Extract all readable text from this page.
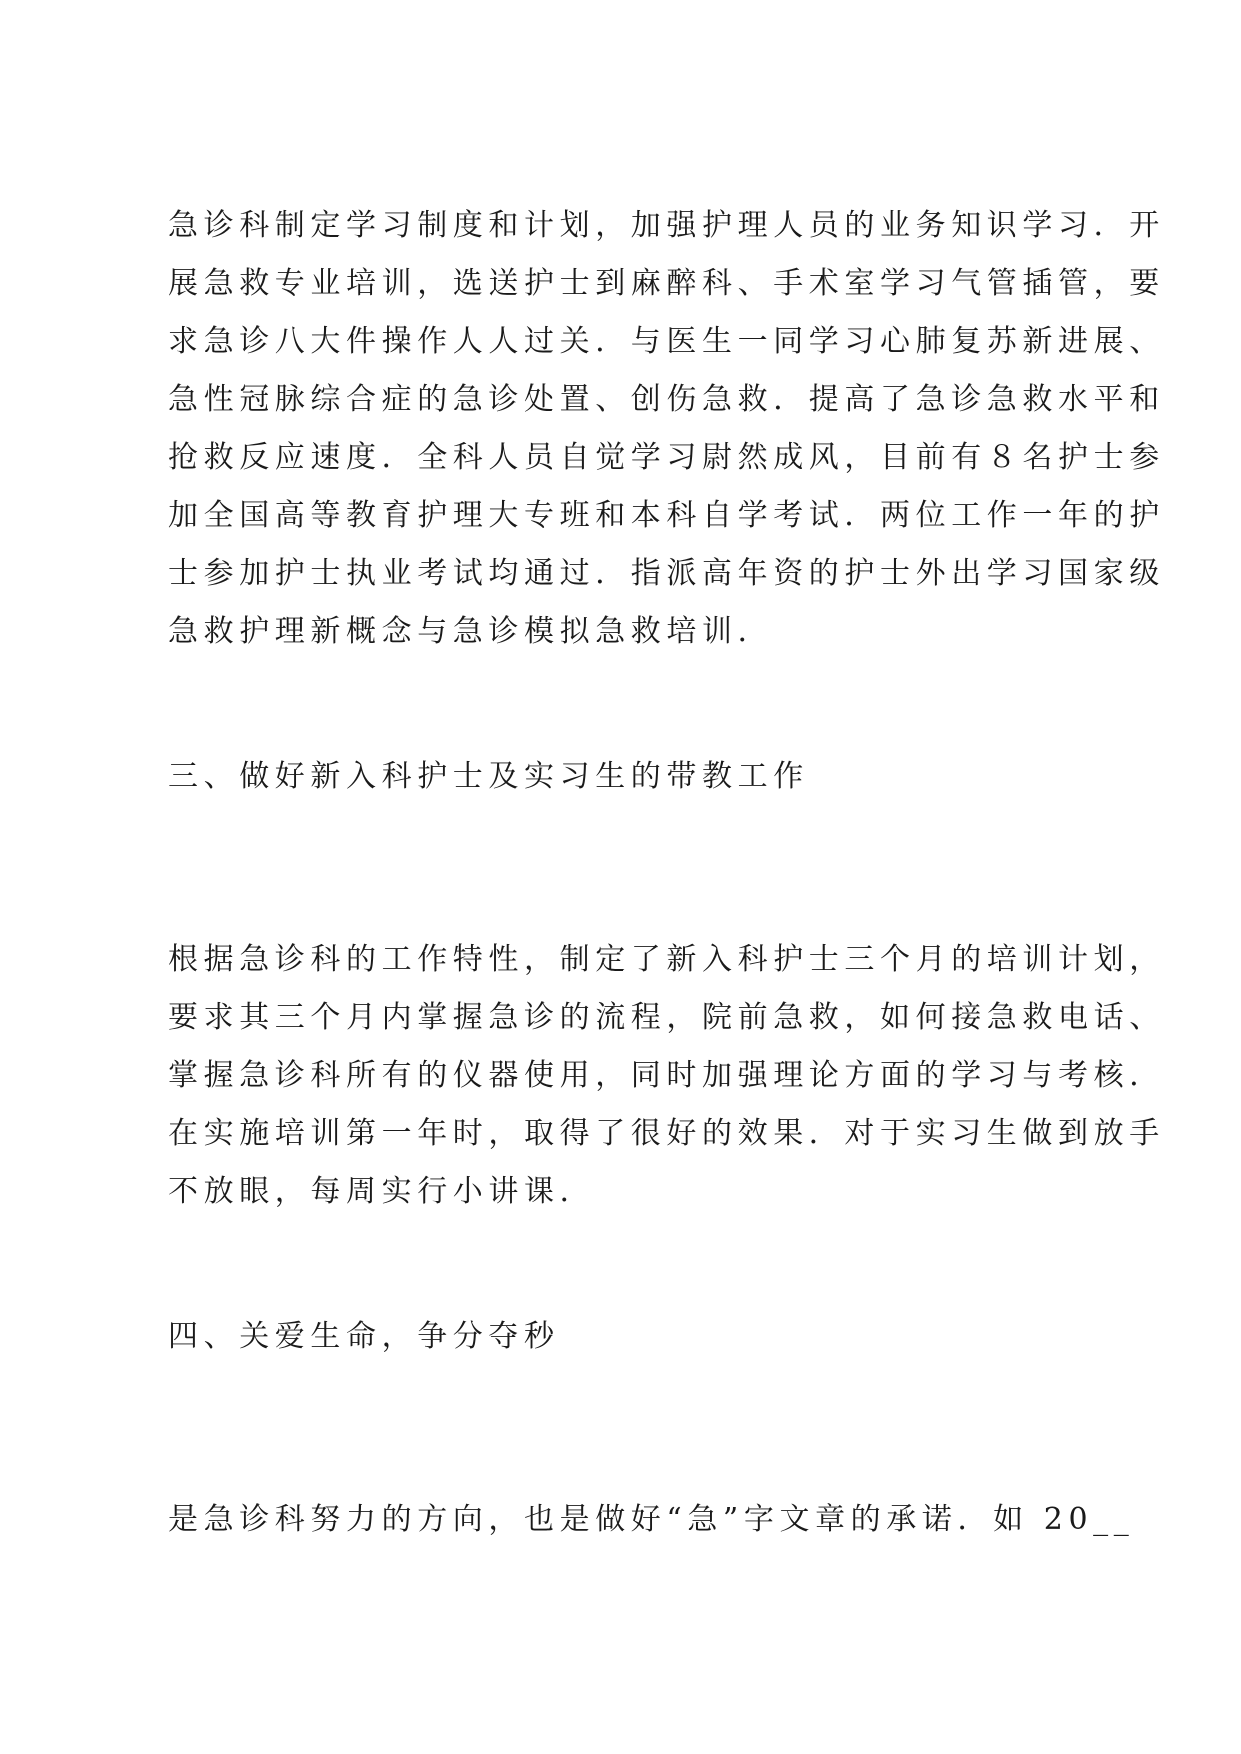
急诊科制定学习制度和计划，加强护理人员的业务知识学习．开
展急救专业培训，选送护士到麻醉科、手术室学习气管插管，要
求急诊八大件操作人人过关．与医生一同学习心肺复苏新进展、
急性冠脉综合症的急诊处置、创伤急救．提高了急诊急救水平和
抢救反应速度．全科人员自觉学习尉然成风，目前有８名护士参
加全国高等教育护理大专班和本科自学考试．两位工作一年的护
士参加护士执业考试均通过．指派高年资的护士外出学习国家级
急救护理新概念与急诊模拟急救培训．
三、做好新入科护士及实习生的带教工作
根据急诊科的工作特性，制定了新入科护士三个月的培训计划，
要求其三个月内掌握急诊的流程，院前急救，如何接急救电话、
掌握急诊科所有的仪器使用，同时加强理论方面的学习与考核．
在实施培训第一年时，取得了很好的效果．对于实习生做到放手
不放眼，每周实行小讲课．
四、关爱生命，争分夺秒
是急诊科努力的方向，也是做好“急”字文章的承诺．如 20__
